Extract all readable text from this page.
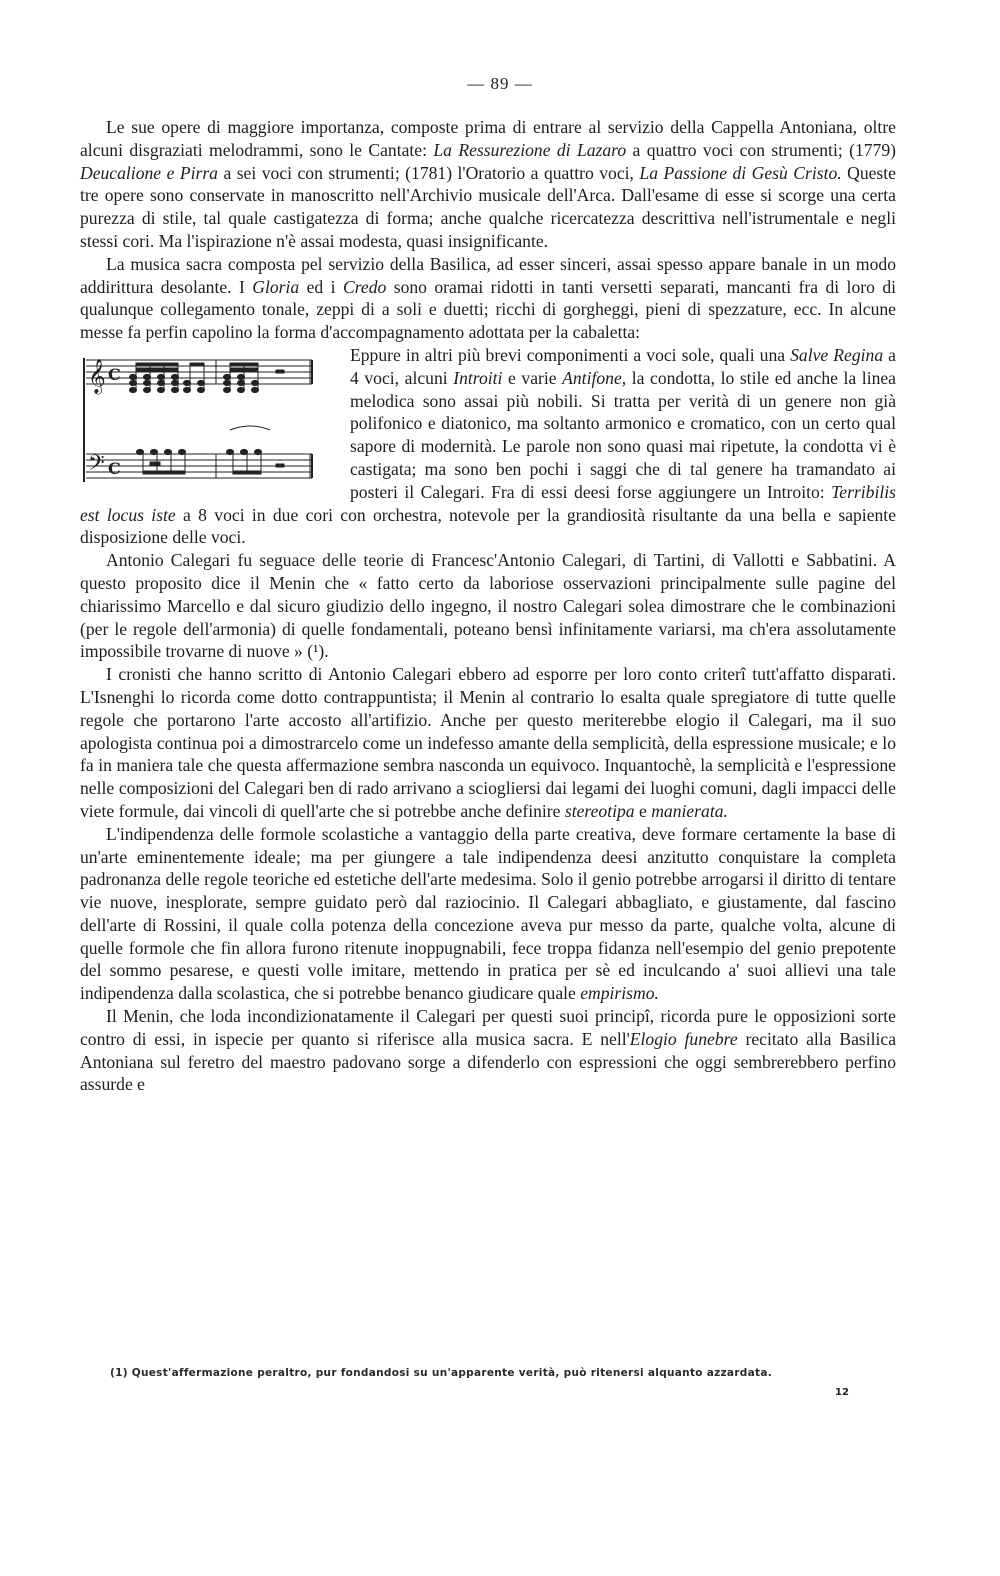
— 89 —

Le sue opere di maggiore importanza, composte prima di entrare al servizio della Cappella Antoniana, oltre alcuni disgraziati melodrammi, sono le Cantate: La Ressurezione di Lazaro a quattro voci con strumenti; (1779) Deucalione e Pirra a sei voci con strumenti; (1781) l'Oratorio a quattro voci, La Passione di Gesù Cristo. Queste tre opere sono conservate in manoscritto nell'Archivio musicale dell'Arca. Dall'esame di esse si scorge una certa purezza di stile, tal quale castigatezza di forma; anche qualche ricercatezza descrittiva nell'istrumentale e negli stessi cori. Ma l'ispirazione n'è assai modesta, quasi insignificante.

La musica sacra composta pel servizio della Basilica, ad esser sinceri, assai spesso appare banale in un modo addirittura desolante. I Gloria ed i Credo sono oramai ridotti in tanti versetti separati, mancanti fra di loro di qualunque collegamento tonale, zeppi di a soli e duetti; ricchi di gorgheggi, pieni di spezzature, ecc. In alcune messe fa perfin capolino la forma d'accompagnamento adottata per la cabaletta:

𝄞
𝄢
C
C

Eppure in altri più brevi componimenti a voci sole, quali una Salve Regina a 4 voci, alcuni Introiti e varie Antifone, la condotta, lo stile ed anche la linea melodica sono assai più nobili. Si tratta per verità di un genere non già polifonico e diatonico, ma soltanto armonico e cromatico, con un certo qual sapore di modernità. Le parole non sono quasi mai ripetute, la condotta vi è castigata; ma sono ben pochi i saggi che di tal genere ha tramandato ai posteri il Calegari. Fra di essi deesi forse aggiungere un Introito: Terribilis est locus iste a 8 voci in due cori con orchestra, notevole per la grandiosità risultante da una bella e sapiente disposizione delle voci.

Antonio Calegari fu seguace delle teorie di Francesc'Antonio Calegari, di Tartini, di Vallotti e Sabbatini. A questo proposito dice il Menin che « fatto certo da laboriose osservazioni principalmente sulle pagine del chiarissimo Marcello e dal sicuro giudizio dello ingegno, il nostro Calegari solea dimostrare che le combinazioni (per le regole dell'armonia) di quelle fondamentali, poteano bensì infinitamente variarsi, ma ch'era assolutamente impossibile trovarne di nuove » (¹).

I cronisti che hanno scritto di Antonio Calegari ebbero ad esporre per loro conto criterî tutt'affatto disparati. L'Isnenghi lo ricorda come dotto contrappuntista; il Menin al contrario lo esalta quale spregiatore di tutte quelle regole che portarono l'arte accosto all'artifizio. Anche per questo meriterebbe elogio il Calegari, ma il suo apologista continua poi a dimostrarcelo come un indefesso amante della semplicità, della espressione musicale; e lo fa in maniera tale che questa affermazione sembra nasconda un equivoco. Inquantochè, la semplicità e l'espressione nelle composizioni del Calegari ben di rado arrivano a sciogliersi dai legami dei luoghi comuni, dagli impacci delle viete formule, dai vincoli di quell'arte che si potrebbe anche definire stereotipa e manierata.

L'indipendenza delle formole scolastiche a vantaggio della parte creativa, deve formare certamente la base di un'arte eminentemente ideale; ma per giungere a tale indipendenza deesi anzitutto conquistare la completa padronanza delle regole teoriche ed estetiche dell'arte medesima. Solo il genio potrebbe arrogarsi il diritto di tentare vie nuove, inesplorate, sempre guidato però dal raziocinio. Il Calegari abbagliato, e giustamente, dal fascino dell'arte di Rossini, il quale colla potenza della concezione aveva pur messo da parte, qualche volta, alcune di quelle formole che fin allora furono ritenute inoppugnabili, fece troppa fidanza nell'esempio del genio prepotente del sommo pesarese, e questi volle imitare, mettendo in pratica per sè ed inculcando a' suoi allievi una tale indipendenza dalla scolastica, che si potrebbe benanco giudicare quale empirismo.

Il Menin, che loda incondizionatamente il Calegari per questi suoi principî, ricorda pure le opposizioni sorte contro di essi, in ispecie per quanto si riferisce alla musica sacra. E nell'Elogio funebre recitato alla Basilica Antoniana sul feretro del maestro padovano sorge a difenderlo con espressioni che oggi sembrerebbero perfino assurde e

(1) Quest'affermazione peraltro, pur fondandosi su un'apparente verità, può ritenersi alquanto azzardata.
12
